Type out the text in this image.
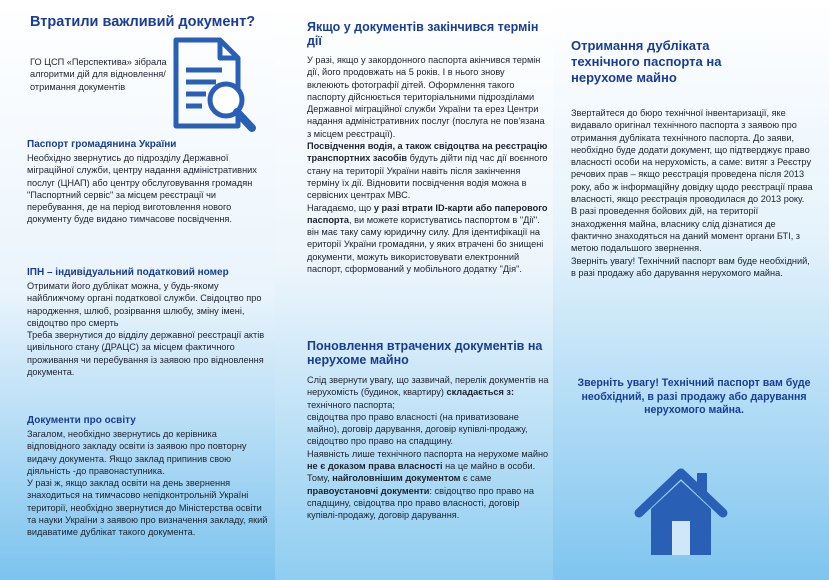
Втратили важливий документ?
ГО ЦСП «Перспектива» зібрала алгоритми дій для відновлення/отримання документів
Паспорт громадянина України
Необхідно звернутись до підрозділу Державної міграційної служби, центру надання адміністративних послуг (ЦНАП) або центру обслуговування громадян "Паспортний сервіс" за місцем реєстрації чи перебування, де на період виготовлення нового документу буде видано тимчасове посвідчення.
ІПН – індивідуальний податковий номер
Отримати його дублікат можна, у будь-якому найближчому органі податкової служби. Свідоцтво про народження, шлюб, розірвання шлюбу, зміну імені, свідоцтво про смерть
Треба звернутися до відділу державної реєстрації актів цивільного стану (ДРАЦС) за місцем фактичного проживання чи перебування із заявою про відновлення документа.
Документи про освіту
Загалом, необхідно звернутись до керівника відповідного закладу освіти із заявою про повторну видачу документа. Якщо заклад припинив свою діяльність -до правонаступника.
У разі ж, якщо заклад освіти на день звернення знаходиться на тимчасово непідконтрольній Україні території, необхідно звернутися до Міністерства освіти та науки України з заявою про визначення закладу, який видаватиме дублікат такого документа.
Якщо у документів закінчився термін дії

У разі, якщо у закордонного паспорта акінчився термін дії, його продовжать на 5 років. І в нього знову вклеюють фотографії дітей. Оформлення такого паспорту дійснюється територіальними підрозділами Державної міграційної служби України та ерез Центри надання адміністративних послуг (послуга не пов'язана з місцем реєстрації).

Посвідчення водія, а також свідоцтва на реєстрацію транспортних засобів будуть дійти під час дії воєнного стану на території України навіть після закінчення терміну їх дії. Відновити посвідчення водія можна в сервісних центрах МВС.

Нагадаємо, що у разі втрати ID-карти або паперового паспорта, ви можете користуватись паспортом в "Дії". він має таку саму юридичну силу. Для ідентифікації на ериторії України громадяни, у яких втрачені бо знищені документи, можуть використовувати електронний паспорт, сформований у мобільного додатку "Дія".

Поновлення втрачених документів на нерухоме майно

Слід звернути увагу, що зазвичай, перелік документів на нерухомість (будинок, квартиру) складається з:

технічного паспорта;
свідоцтва про право власності (на приватизоване майно), договір дарування, договір купівлі-продажу, свідоцтво про право на спадщину.

Наявність лише технічного паспорта на нерухоме майно не є доказом права власності на це майно в особи. Тому, найголовнішим документом є саме правоустановчі документи: свідоцтво про право на спадщину, свідоцтва про право власності, договір купівлі-продажу, договір дарування.

Отримання дубліката технічного паспорта на нерухоме майно

Звертайтеся до бюро технічної інвентаризації, яке видавало оригінал технічного паспорта з заявою про отримання дубліката технічного паспорта. До заяви, необхідно буде додати документ, що підтверджує право власності особи на нерухомість, а саме: витяг з Реєстру речових прав – якщо реєстрація проведена після 2013 року, або ж інформаційну довідку щодо реєстрації права власності, якщо реєстрація проводилася до 2013 року.

В разі проведення бойових дій, на території знаходження майна, власнику слід дізнатися де фактично знаходяться на даний момент органи БТІ, з метою подальшого звернення.

Зверніть увагу! Технічний паспорт вам буде необхідний, в разі продажу або дарування нерухомого майна.

Зверніть увагу! Технічний паспорт вам буде необхідний, в разі продажу або дарування нерухомого майна.
